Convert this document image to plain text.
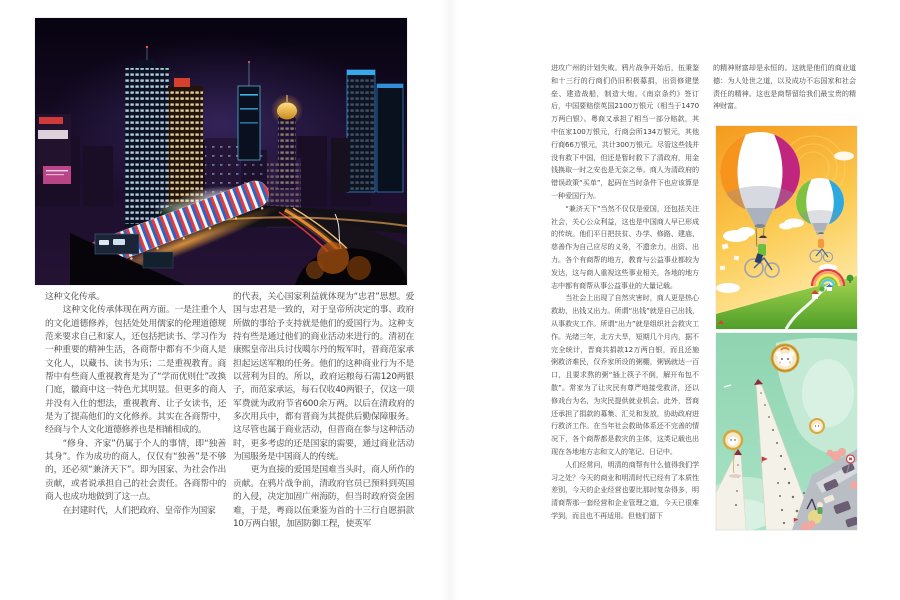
这种文化传承。

这种文化传承体现在两方面。一是注重个人的文化道德修养，包括处处用儒家的伦理道德规范来要求自己和家人，还包括把读书、学习作为一种重要的精神生活，各商帮中都有不少商人是文化人，以藏书、读书为乐；二是重视教育。商帮中有些商人重视教育是为了“学而优则仕”改换门庭，徽商中这一特色尤其明显。但更多的商人并没有入仕的想法，重视教育、让子女读书，还是为了提高他们的文化修养。其实在各商帮中，经商与个人文化道德修养也是相辅相成的。

“修身、齐家”仍属于个人的事情，即“独善其身”。作为成功的商人，仅仅有“独善”是不够的，还必须“兼济天下”。即为国家、为社会作出贡献，或者说承担自己的社会责任。各商帮中的商人也成功地做到了这一点。

在封建时代，人们把政府、皇帝作为国家

的代表，关心国家利益就体现为“忠君”思想。爱国与忠君是一致的，对于皇帝所决定的事、政府所做的事给予支持就是他们的爱国行为。这种支持有些是通过他们的商业活动来进行的。清初在康熙皇帝出兵讨伐噶尔丹的叛军时，晋商范家承担起运送军粮的任务。他们的这种商业行为不是以营利为目的。所以，政府运粮每石需120两银子，而范家承运，每石仅收40两银子，仅这一项军费就为政府节省600余万两。以后在清政府的多次用兵中，都有晋商为其提供后勤保障服务。这尽管也属于商业活动，但晋商在参与这种活动时，更多考虑的还是国家的需要，通过商业活动为国服务是中国商人的传统。

更为直接的爱国是国难当头时，商人所作的贡献。在鸦片战争前，清政府官员已预料到英国的入侵，决定加固广州海防，但当时政府资金困难，于是，粤商以伍秉鉴为首的十三行自愿捐款10万两白银，加固防御工程，使英军

进攻广州的计划失败。鸦片战争开始后，伍秉鉴和十三行的行商们仍旧积极募捐，出资修建堡垒、建造战船，制造大炮。《南京条约》签订后，中国要赔偿英国2100万银元（相当于1470万两白银）。粤商又承担了相当一部分赔款，其中伍家100万银元，行商会所134万银元，其他行商66万银元，共计300万银元。尽管这些钱并没有救下中国，但还是暂时救下了清政府，用金钱换取一时之安也是无奈之举。商人为清政府的错误政策“买单”，起码在当时条件下也应该算是一种爱国行为。

“兼济天下”当然不仅仅是爱国，还包括关注社会，关心公众利益，这也是中国商人早已形成的传统。他们平日把扶贫、办学、修路、建庙、慈善作为自己应尽的义务，不遗余力，出资、出力。各个有商帮的地方，教育与公益事业都较为发达，这与商人重视这些事业相关，各地的地方志中都有商帮从事公益事业的大量记载。

当社会上出现了自然灾害时，商人更是热心救助，出钱又出力。所谓“出钱”就是自己出钱，从事救灾工作。所谓“出力”就是组织社会救灾工作。光绪三年，北方大旱，短期几个月内，据不完全统计，晋商共捐款12万两白银，而且还施粥救济难民，仅乔家所设的粥棚，粥锅就达一百口，且要求熬的粥“插上筷子不倒，解开布包不散”。常家为了让灾民有尊严地接受救济，还以修戏台为名，为灾民提供就业机会。此外，晋商还承担了捐款的募集、汇兑和发放，协助政府进行救济工作。在当年社会救助体系还不完善的情况下，各个商帮都是救灾的主体，这类记载也出现在各地地方志和文人的笔记、日记中。

人们经常问，明清的商帮有什么值得我们学习之处？今天的商业和明清时代已经有了本质性差别，今天的企业经营也要比那时复杂得多，明清商帮那一套经营和企业管理之道，今天已很难学到，而且也不再适用。但他们留下

的精神财富却是永恒的。这就是他们的商业道德：为人处世之道，以及成功不忘国家和社会责任的精神。这也是商帮留给我们最宝贵的精神财富。
